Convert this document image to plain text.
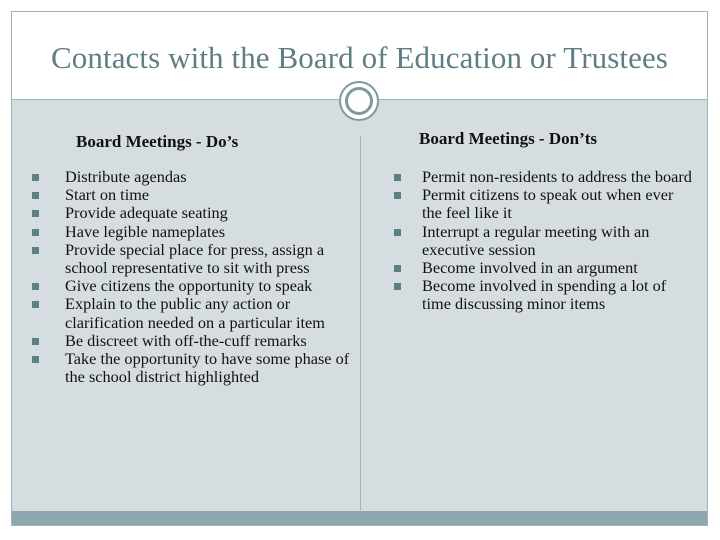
Contacts with the Board of Education or Trustees
Board Meetings - Do’s	Board Meetings - Don’ts
Distribute agendas
Start on time
Provide adequate seating
Have legible nameplates
Provide special place for press, assign a school representative to sit with press
Give citizens the opportunity to speak
Explain to the public any action or clarification needed on a particular item
Be discreet with off-the-cuff remarks
Take the opportunity to have some phase of the school district highlighted
Permit non-residents to address the board
Permit citizens to speak out when ever the feel like it
Interrupt a regular meeting with an executive session
Become involved in an argument
Become involved in spending a lot of time discussing minor items
